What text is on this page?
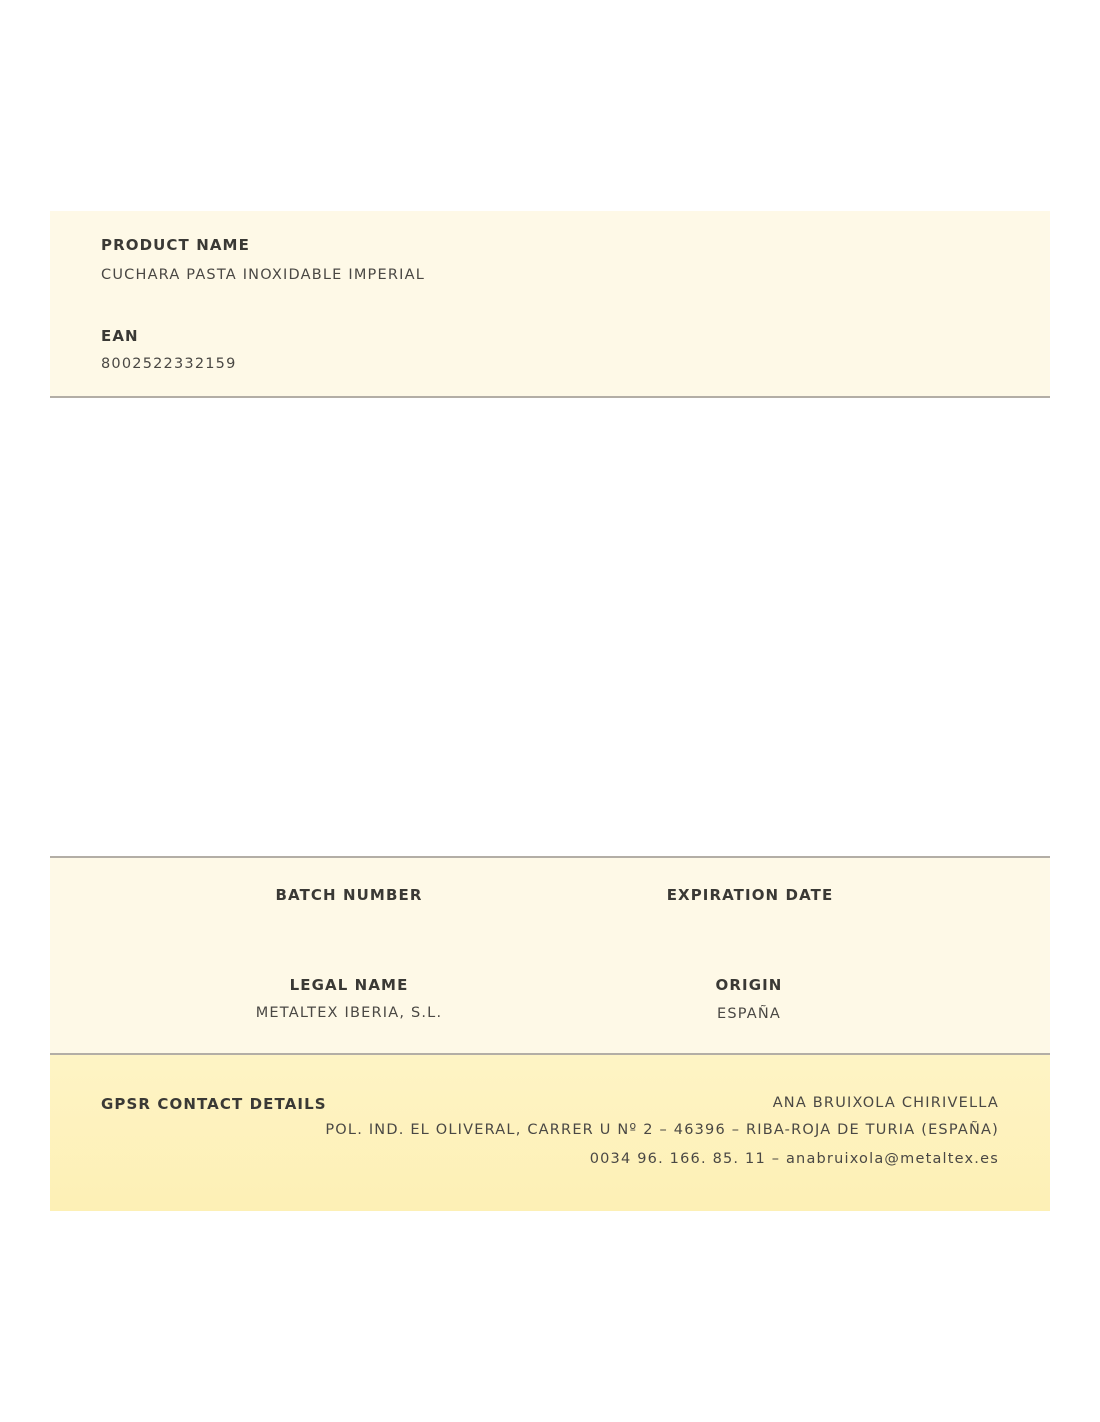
PRODUCT NAME
CUCHARA PASTA INOXIDABLE IMPERIAL
EAN
8002522332159
BATCH NUMBER	EXPIRATION DATE
LEGAL NAME
METALTEX IBERIA, S.L.
ORIGIN
ESPAÑA
GPSR CONTACT DETAILS	ANA BRUIXOLA CHIRIVELLA
POL. IND. EL OLIVERAL, CARRER U Nº 2 – 46396 – RIBA-ROJA DE TURIA (ESPAÑA)
0034 96. 166. 85. 11 – anabruixola@metaltex.es
